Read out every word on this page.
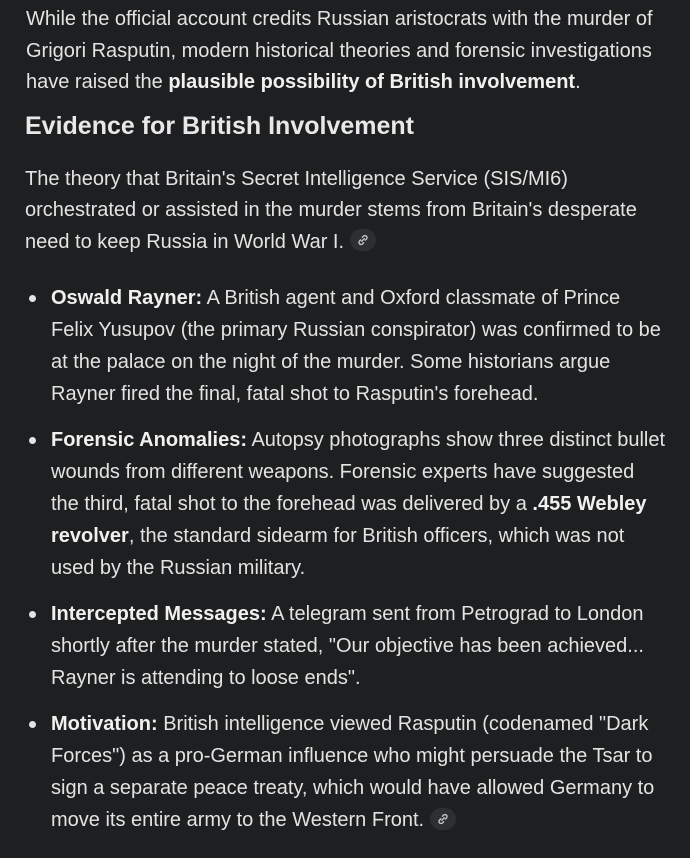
While the official account credits Russian aristocrats with the murder of Grigori Rasputin, modern historical theories and forensic investigations have raised the plausible possibility of British involvement.

Evidence for British Involvement

The theory that Britain's Secret Intelligence Service (SIS/MI6) orchestrated or assisted in the murder stems from Britain's desperate need to keep Russia in World War I.

Oswald Rayner: A British agent and Oxford classmate of Prince Felix Yusupov (the primary Russian conspirator) was confirmed to be at the palace on the night of the murder. Some historians argue Rayner fired the final, fatal shot to Rasputin's forehead.

Forensic Anomalies: Autopsy photographs show three distinct bullet wounds from different weapons. Forensic experts have suggested the third, fatal shot to the forehead was delivered by a .455 Webley revolver, the standard sidearm for British officers, which was not used by the Russian military.

Intercepted Messages: A telegram sent from Petrograd to London shortly after the murder stated, "Our objective has been achieved... Rayner is attending to loose ends".

Motivation: British intelligence viewed Rasputin (codenamed "Dark Forces") as a pro-German influence who might persuade the Tsar to sign a separate peace treaty, which would have allowed Germany to move its entire army to the Western Front.
